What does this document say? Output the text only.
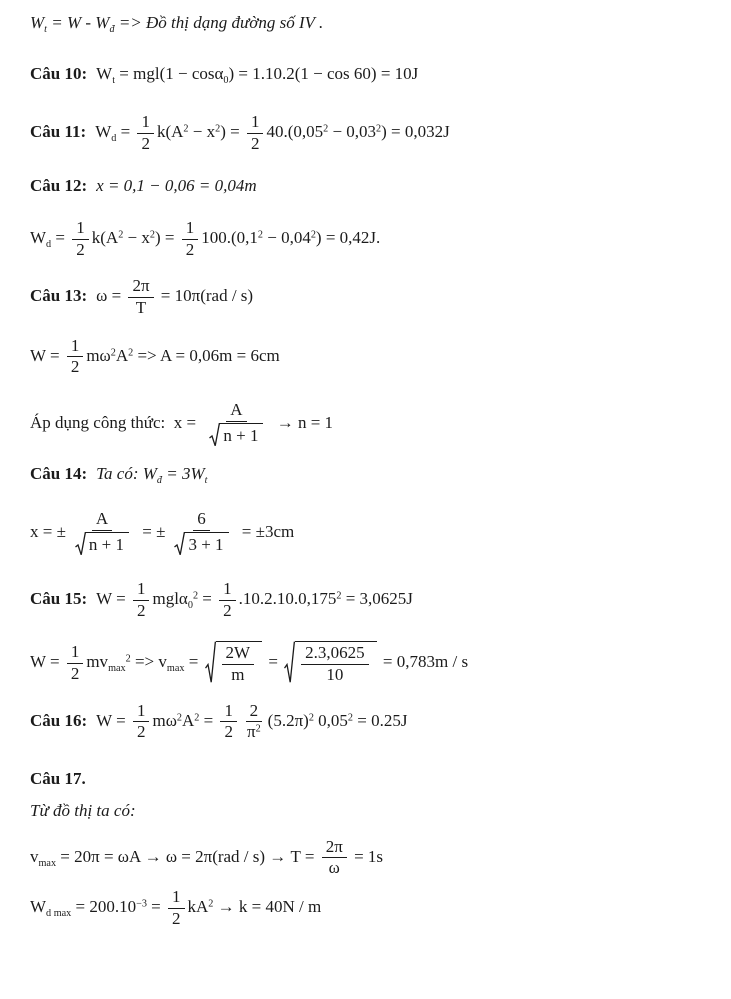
$W_t = W - W_đ$ => Đồ thị dạng đường số IV .
Câu 10: $W_t = mgl(1 - \cos\alpha_0) = 1.10.2(1 - \cos 60) = 10J$
Câu 11: $W_d = \frac{1}{2} k(A^2 - x^2) = \frac{1}{2} 40.(0,05^2 - 0,03^2) = 0,032J$
Câu 12: x = 0,1 − 0,06 = 0,04m
$W_d = \frac{1}{2} k(A^2 - x^2) = \frac{1}{2} 100.(0,1^2 - 0,04^2) = 0,42J$.
Câu 13: $\omega = \frac{2\pi}{T} = 10\pi(rad / s)$
$W = \frac{1}{2} m\omega^2A^2 => A = 0,06m = 6cm$
Áp dụng công thức:  $x = \frac{A}{n + 1} \to n = 1$
Câu 14: Ta có: $W_đ = 3W_t$
x = ± $\frac{A}{n + 1}$ = ± $\frac{6}{3 + 1} = \pm 3cm$
Câu 15: $W = \frac{1}{2} mgl\alpha_0^2 = \frac{1}{2} .10.2.10.0,175^2 = 3,0625J$
$W = \frac{1}{2} mv_{max}^2 => v_{max} = \frac{2W}{m} = \frac{2.3,0625}{10} = 0,783m / s$
Câu 16: $W = \frac{1}{2} m\omega^2A^2 = \frac{1}{2} \frac{2}{\pi^2} (5.2\pi)^2$ $0,05^2 = 0.25J$
Câu 17.
Từ đồ thị ta có:
$v_{max} = 20\pi = \omega A \to \omega = 2\pi(rad / s) \to T = \frac{2\pi}{\omega} = 1s$
$W_{d max} = 200.10^{-3} = \frac{1}{2} kA^2 \to k = 40N / m$
